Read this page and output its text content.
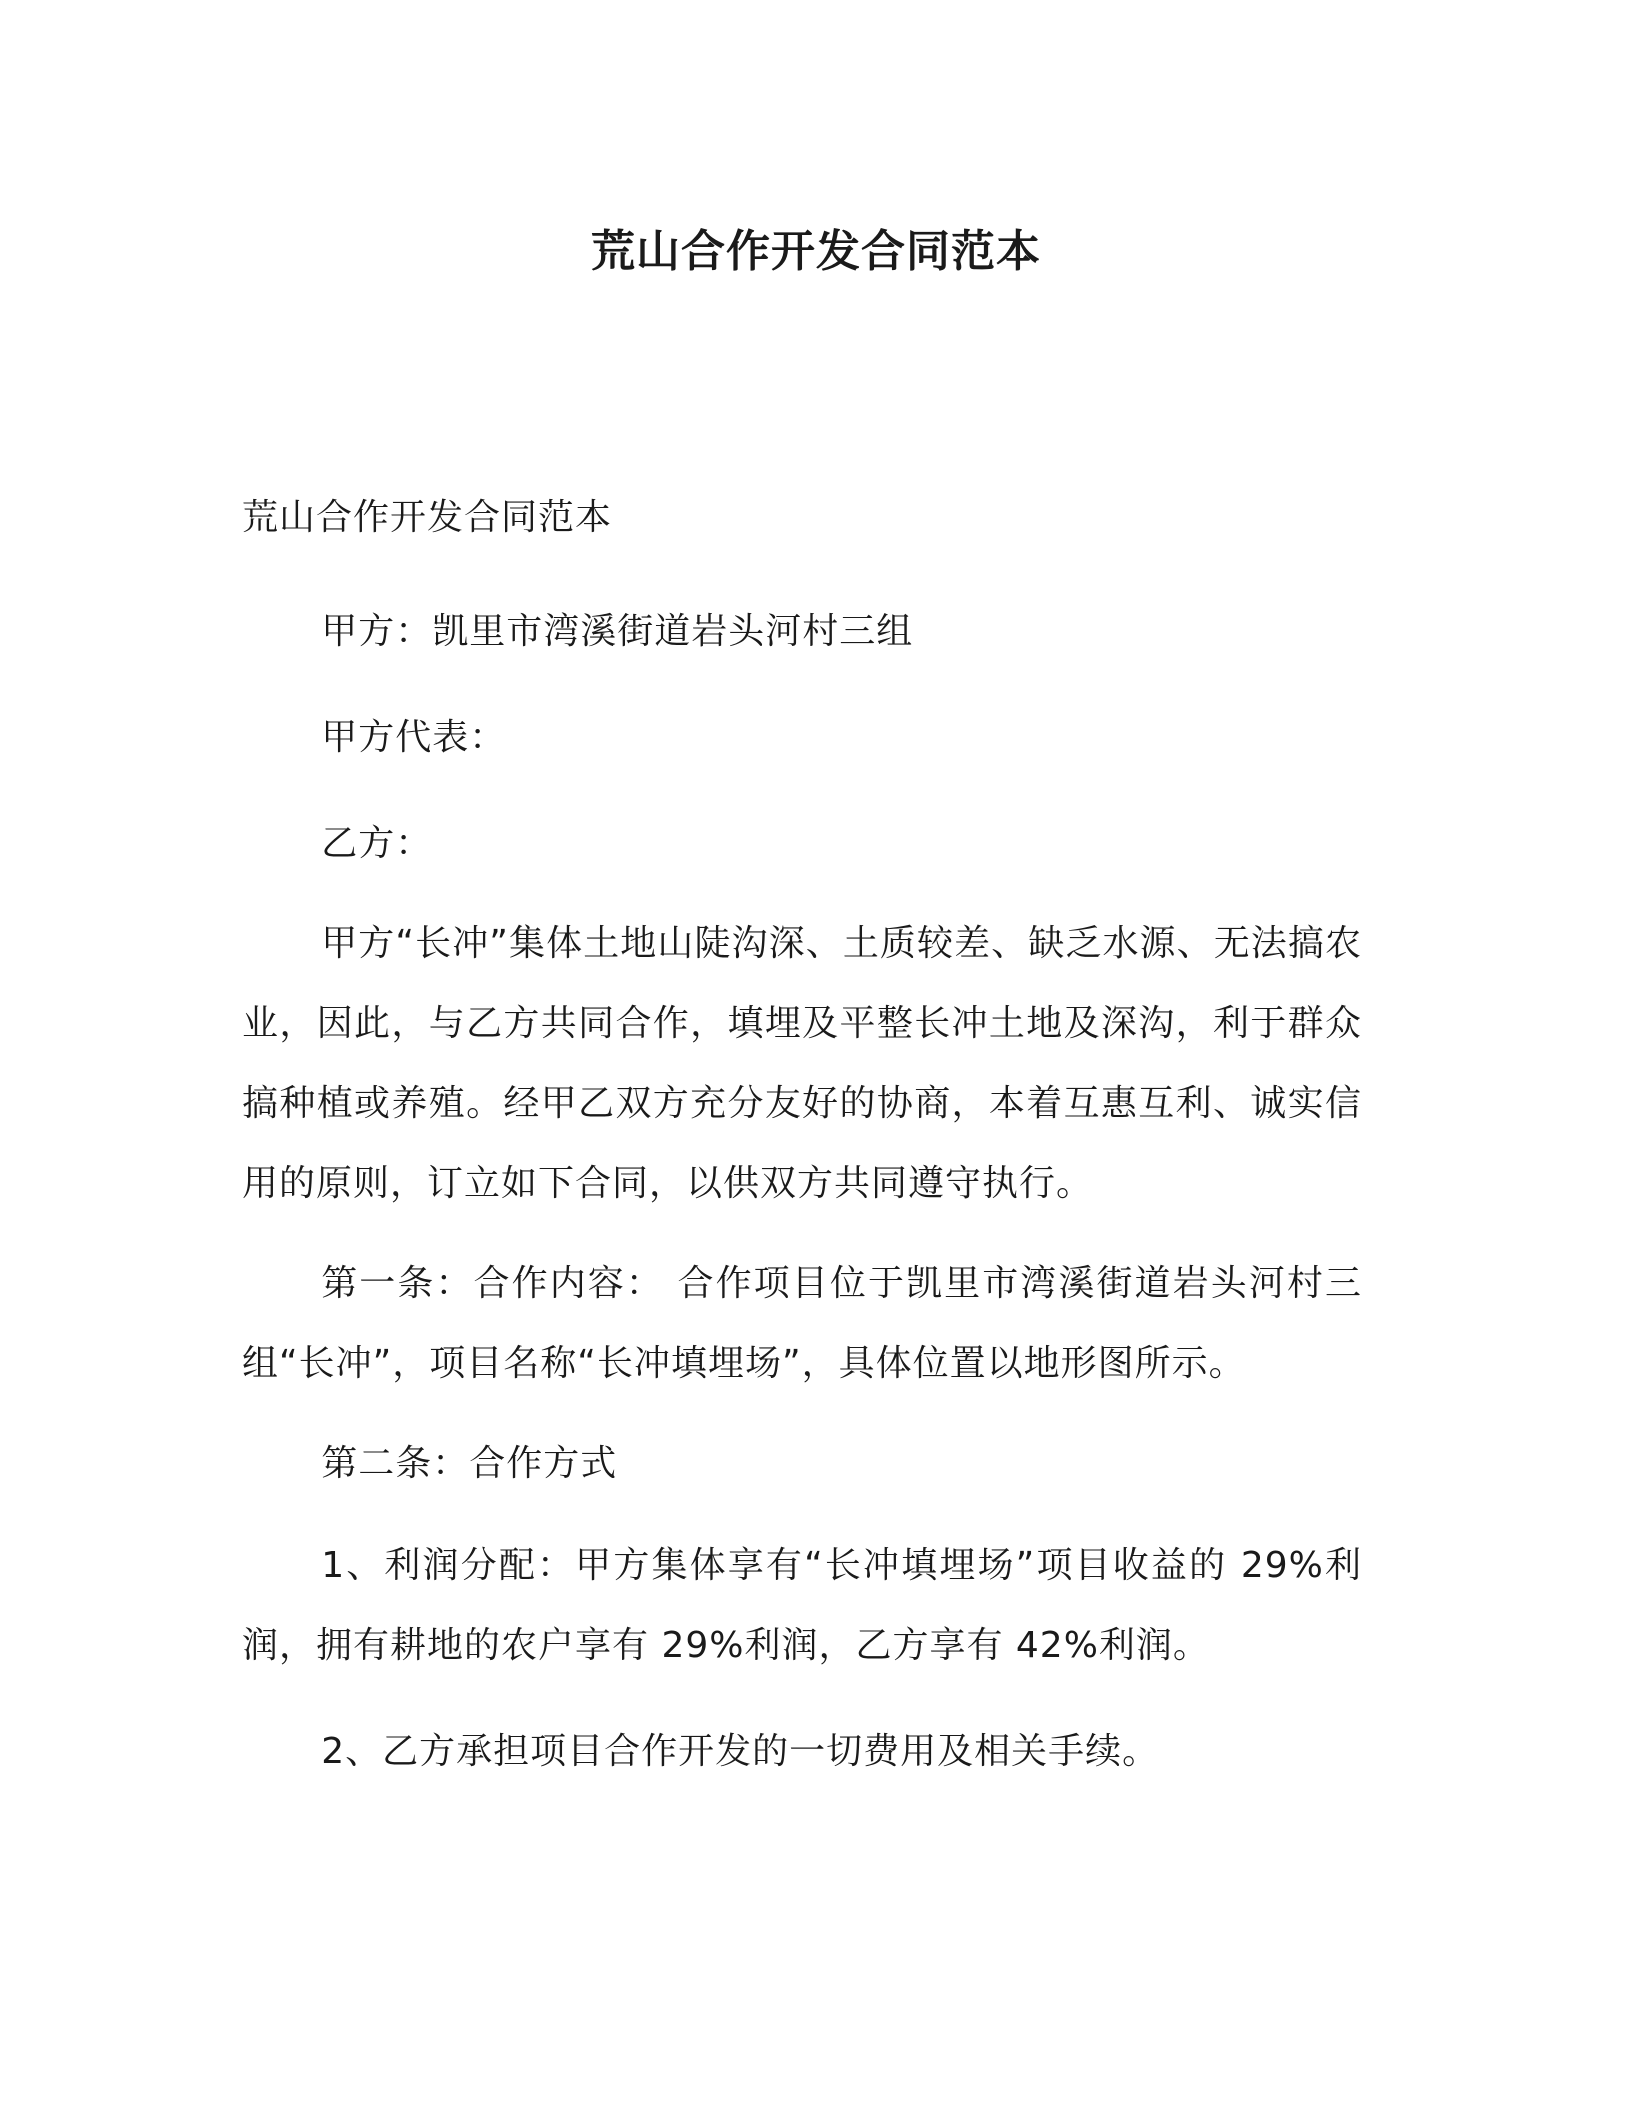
荒山合作开发合同范本
荒山合作开发合同范本

甲方：凯里市湾溪街道岩头河村三组

甲方代表：

乙方：

甲方“长冲”集体土地山陡沟深、土质较差、缺乏水源、无法搞农业，因此，与乙方共同合作，填埋及平整长冲土地及深沟，利于群众搞种植或养殖。经甲乙双方充分友好的协商，本着互惠互利、诚实信用的原则，订立如下合同，以供双方共同遵守执行。

第一条：合作内容： 合作项目位于凯里市湾溪街道岩头河村三组“长冲”，项目名称“长冲填埋场”，具体位置以地形图所示。

第二条：合作方式

1、利润分配：甲方集体享有“长冲填埋场”项目收益的 29%利润，拥有耕地的农户享有 29%利润，乙方享有 42%利润。

2、乙方承担项目合作开发的一切费用及相关手续。
